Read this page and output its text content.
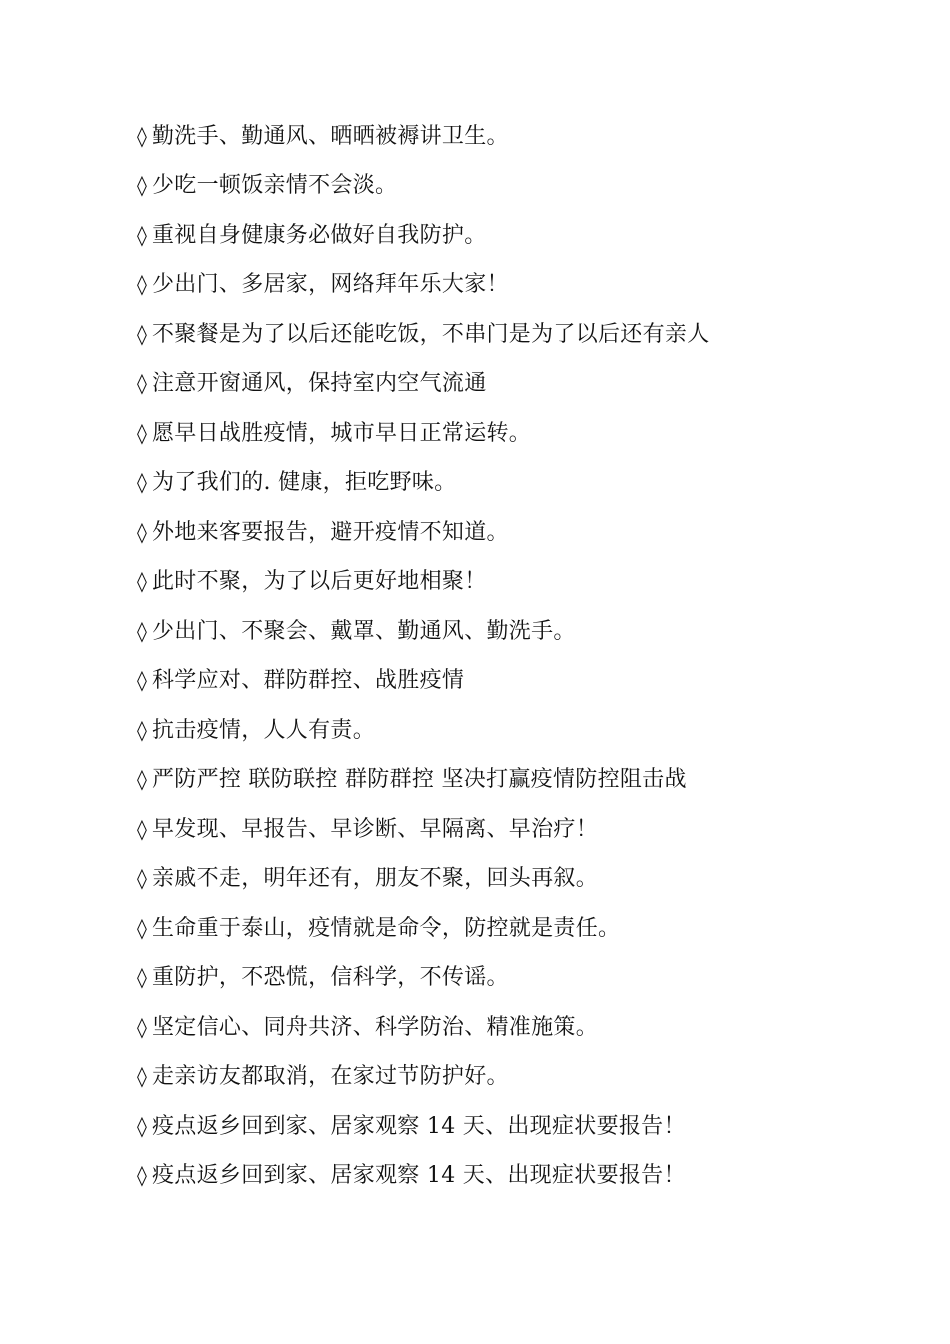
◊ 勤洗手、勤通风、晒晒被褥讲卫生。
◊ 少吃一顿饭亲情不会淡。
◊ 重视自身健康务必做好自我防护。
◊ 少出门、多居家，网络拜年乐大家！
◊ 不聚餐是为了以后还能吃饭，不串门是为了以后还有亲人
◊ 注意开窗通风，保持室内空气流通
◊ 愿早日战胜疫情，城市早日正常运转。
◊ 为了我们的. 健康，拒吃野味。
◊ 外地来客要报告，避开疫情不知道。
◊ 此时不聚，为了以后更好地相聚！
◊ 少出门、不聚会、戴罩、勤通风、勤洗手。
◊ 科学应对、群防群控、战胜疫情
◊ 抗击疫情，人人有责。
◊ 严防严控 联防联控 群防群控 坚决打赢疫情防控阻击战
◊ 早发现、早报告、早诊断、早隔离、早治疗！
◊ 亲戚不走，明年还有，朋友不聚，回头再叙。
◊ 生命重于泰山，疫情就是命令，防控就是责任。
◊ 重防护，不恐慌，信科学，不传谣。
◊ 坚定信心、同舟共济、科学防治、精准施策。
◊ 走亲访友都取消，在家过节防护好。
◊ 疫点返乡回到家、居家观察 14 天、出现症状要报告！
◊ 疫点返乡回到家、居家观察 14 天、出现症状要报告！
